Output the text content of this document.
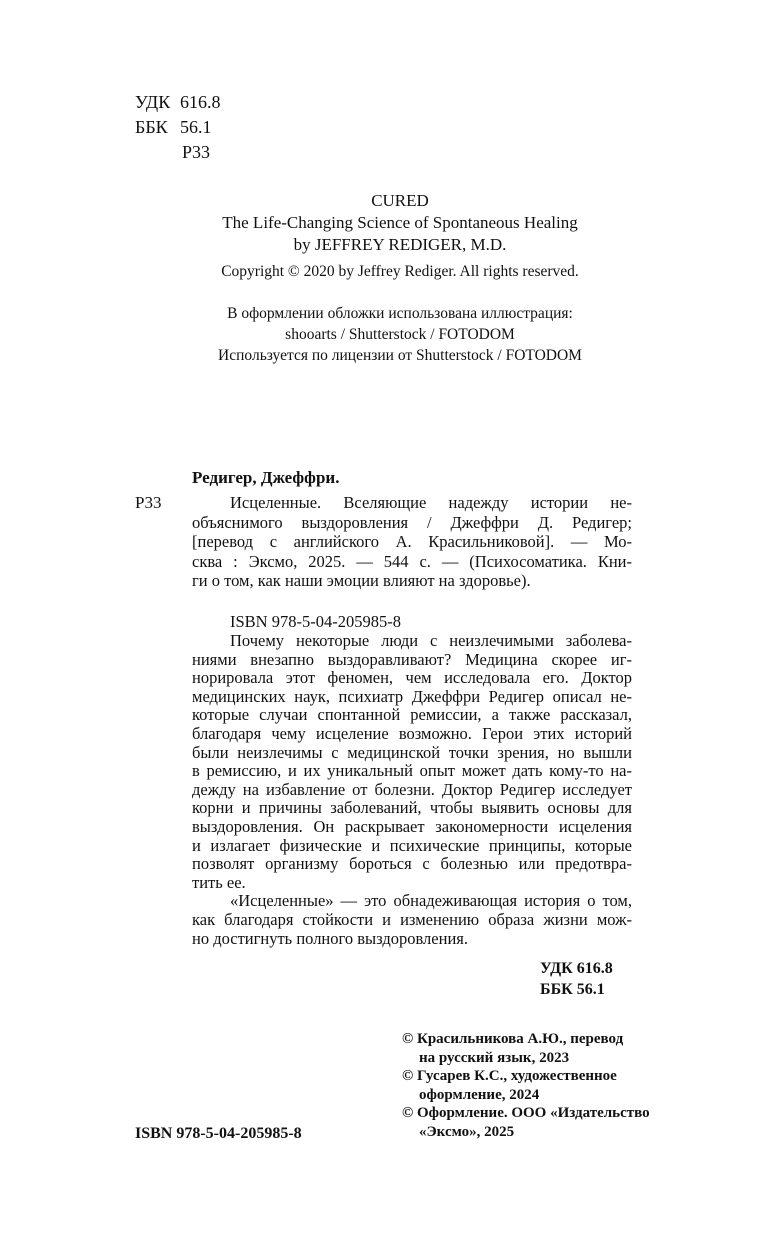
УДК 616.8
ББК 56.1
Р33
CURED
The Life-Changing Science of Spontaneous Healing
by JEFFREY REDIGER, M.D.
Copyright © 2020 by Jeffrey Rediger. All rights reserved.
В оформлении обложки использована иллюстрация:
shooarts / Shutterstock / FOTODOM
Используется по лицензии от Shutterstock / FOTODOM
Редигер, Джеффри.
Р33	Исцеленные. Вселяющие надежду истории не-
объяснимого выздоровления / Джеффри Д. Редигер;
[перевод с английского А. Красильниковой]. — Мо-
сква : Эксмо, 2025. — 544 с. — (Психосоматика. Кни-
ги о том, как наши эмоции влияют на здоровье).
ISBN 978-5-04-205985-8
Почему некоторые люди с неизлечимыми заболева-
ниями внезапно выздоравливают? Медицина скорее иг-
норировала этот феномен, чем исследовала его. Доктор
медицинских наук, психиатр Джеффри Редигер описал не-
которые случаи спонтанной ремиссии, а также рассказал,
благодаря чему исцеление возможно. Герои этих историй
были неизлечимы с медицинской точки зрения, но вышли
в ремиссию, и их уникальный опыт может дать кому-то на-
дежду на избавление от болезни. Доктор Редигер исследует
корни и причины заболеваний, чтобы выявить основы для
выздоровления. Он раскрывает закономерности исцеления
и излагает физические и психические принципы, которые
позволят организму бороться с болезнью или предотвра-
тить ее.
«Исцеленные» — это обнадеживающая история о том,
как благодаря стойкости и изменению образа жизни мож-
но достигнуть полного выздоровления.
УДК 616.8
ББК 56.1
© Красильникова А.Ю., перевод
на русский язык, 2023
© Гусарев К.С., художественное
оформление, 2024
© Оформление. ООО «Издательство
«Эксмо», 2025
ISBN 978-5-04-205985-8
